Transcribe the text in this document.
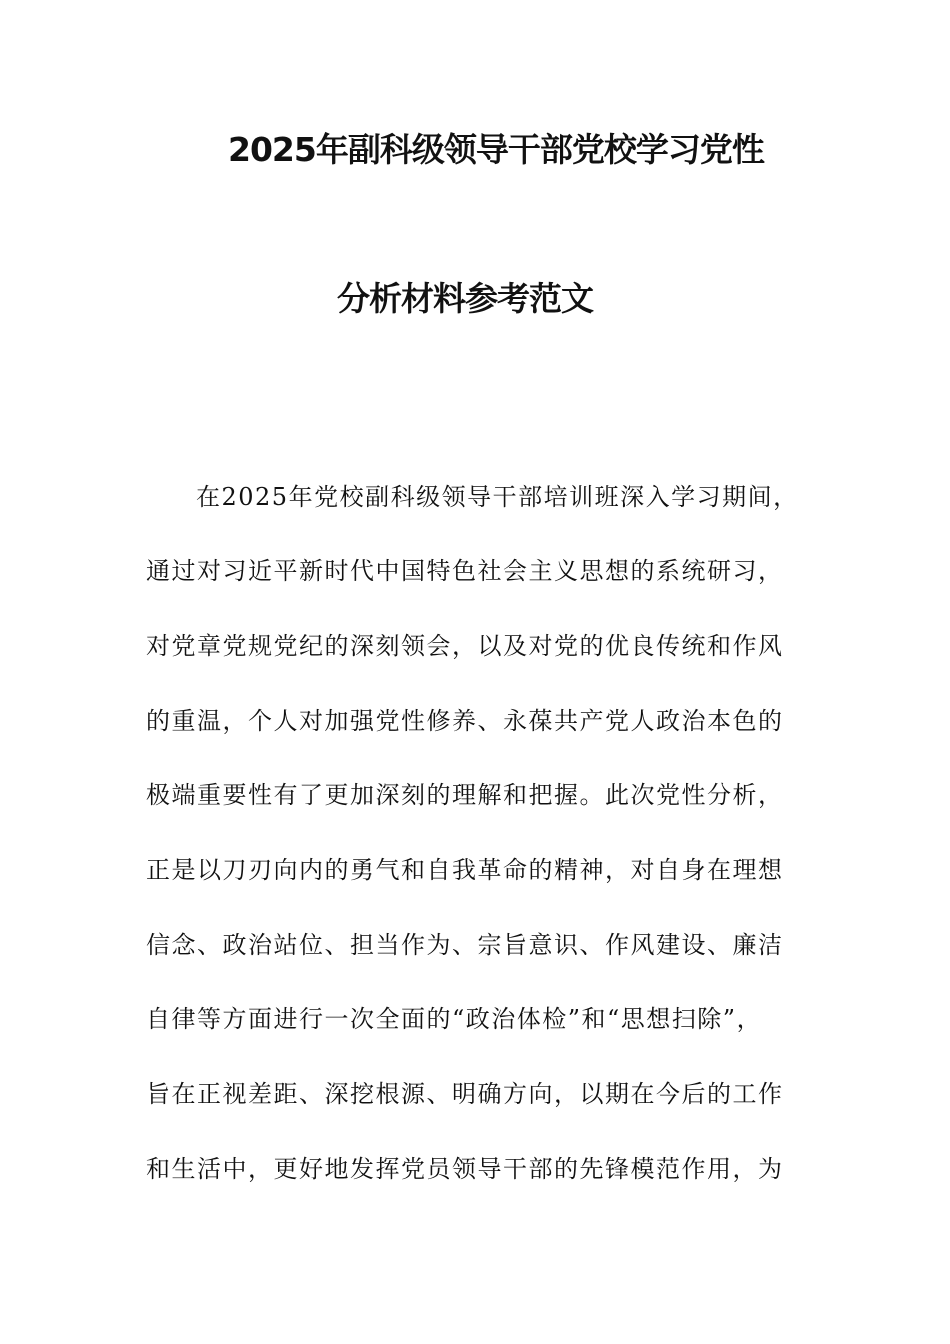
2025年副科级领导干部党校学习党性
分析材料参考范文
在2025年党校副科级领导干部培训班深入学习期间，
通过对习近平新时代中国特色社会主义思想的系统研习，
对党章党规党纪的深刻领会，以及对党的优良传统和作风
的重温，个人对加强党性修养、永葆共产党人政治本色的
极端重要性有了更加深刻的理解和把握。此次党性分析，
正是以刀刃向内的勇气和自我革命的精神，对自身在理想
信念、政治站位、担当作为、宗旨意识、作风建设、廉洁
自律等方面进行一次全面的“政治体检”和“思想扫除”，
旨在正视差距、深挖根源、明确方向，以期在今后的工作
和生活中，更好地发挥党员领导干部的先锋模范作用，为
